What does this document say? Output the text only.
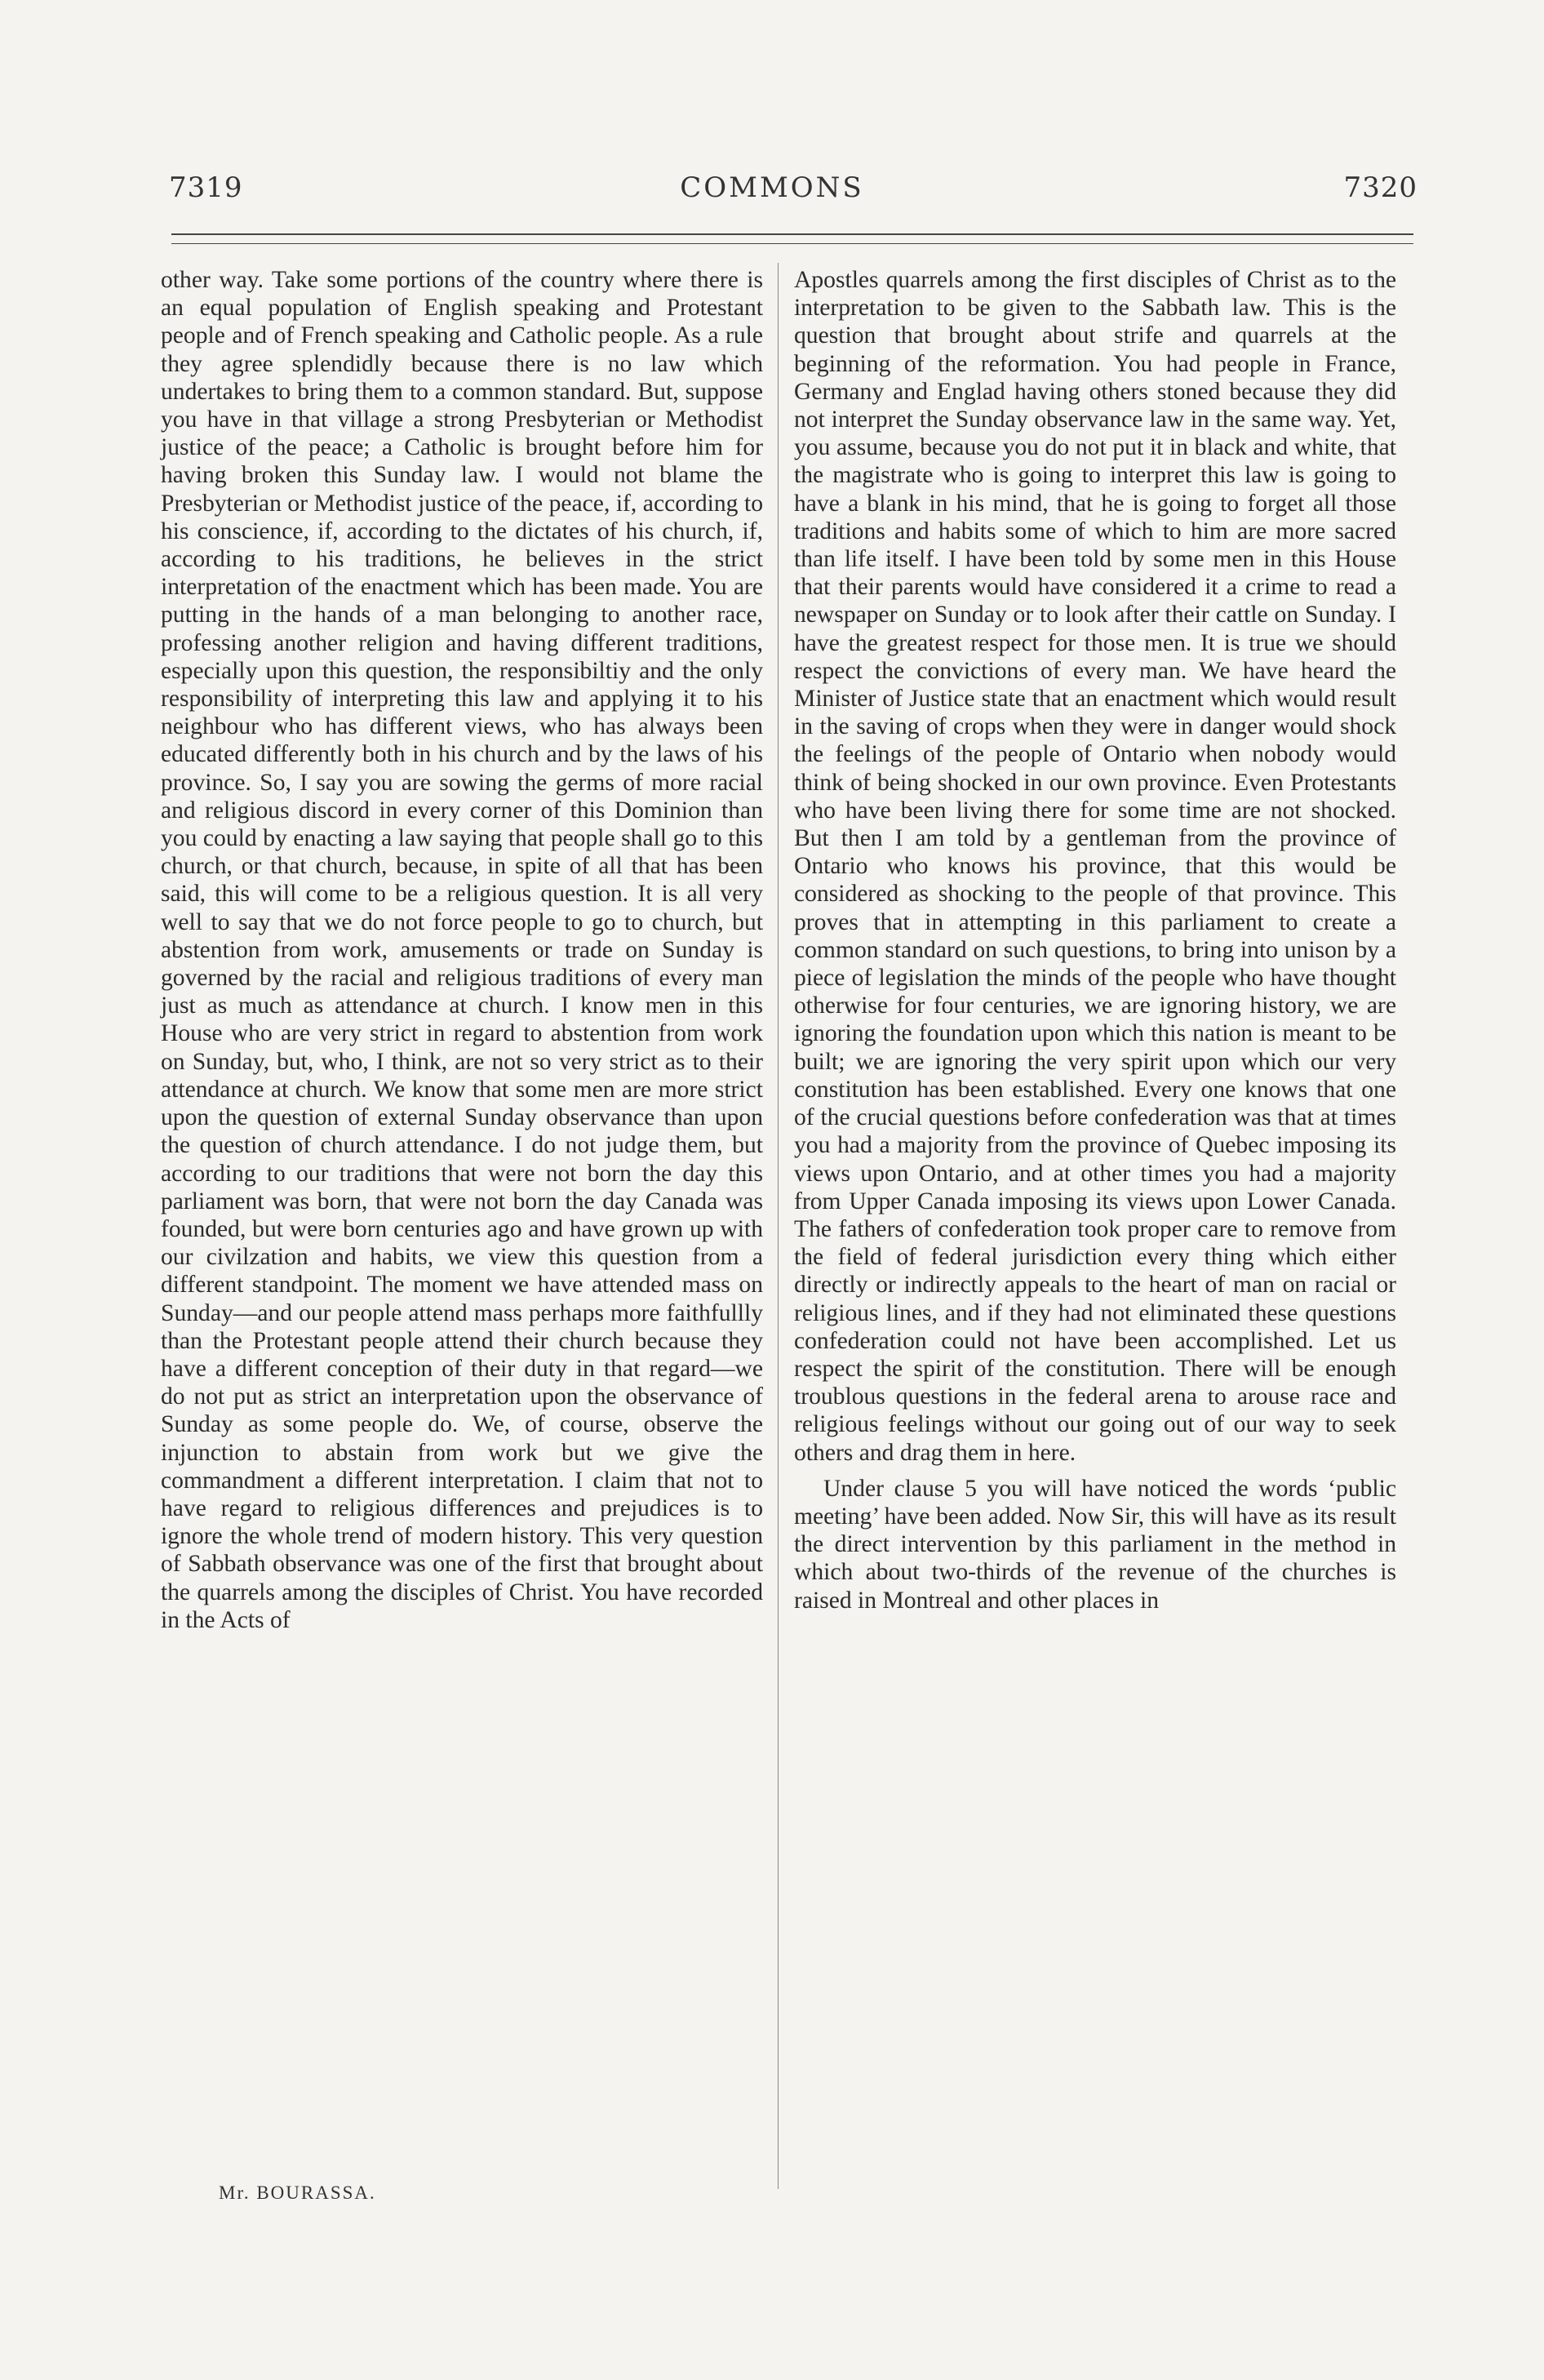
7319	COMMONS	7320

other way. Take some portions of the country where there is an equal population of English speaking and Protestant people and of French speaking and Catholic people. As a rule they agree splendidly because there is no law which undertakes to bring them to a common standard. But, suppose you have in that village a strong Presbyterian or Methodist justice of the peace; a Catholic is brought before him for having broken this Sunday law. I would not blame the Presbyterian or Methodist justice of the peace, if, according to his conscience, if, according to the dictates of his church, if, according to his traditions, he believes in the strict interpretation of the enactment which has been made. You are putting in the hands of a man belonging to another race, professing another religion and having different traditions, especially upon this question, the responsibiltiy and the only responsibility of interpreting this law and applying it to his neighbour who has different views, who has always been educated differently both in his church and by the laws of his province. So, I say you are sowing the germs of more racial and religious discord in every corner of this Dominion than you could by enacting a law saying that people shall go to this church, or that church, because, in spite of all that has been said, this will come to be a religious question. It is all very well to say that we do not force people to go to church, but abstention from work, amusements or trade on Sunday is governed by the racial and religious traditions of every man just as much as attendance at church. I know men in this House who are very strict in regard to abstention from work on Sunday, but, who, I think, are not so very strict as to their attendance at church. We know that some men are more strict upon the question of external Sunday observance than upon the question of church attendance. I do not judge them, but according to our traditions that were not born the day this parliament was born, that were not born the day Canada was founded, but were born centuries ago and have grown up with our civilzation and habits, we view this question from a different standpoint. The moment we have attended mass on Sunday—and our people attend mass perhaps more faithfullly than the Protestant people attend their church because they have a different conception of their duty in that regard—we do not put as strict an interpretation upon the observance of Sunday as some people do. We, of course, observe the injunction to abstain from work but we give the commandment a different interpretation. I claim that not to have regard to religious differences and prejudices is to ignore the whole trend of modern history. This very question of Sabbath observance was one of the first that brought about the quarrels among the disciples of Christ. You have recorded in the Acts of

Apostles quarrels among the first disciples of Christ as to the interpretation to be given to the Sabbath law. This is the question that brought about strife and quarrels at the beginning of the reformation. You had people in France, Germany and Englad having others stoned because they did not interpret the Sunday observance law in the same way. Yet, you assume, because you do not put it in black and white, that the magistrate who is going to interpret this law is going to have a blank in his mind, that he is going to forget all those traditions and habits some of which to him are more sacred than life itself. I have been told by some men in this House that their parents would have considered it a crime to read a newspaper on Sunday or to look after their cattle on Sunday. I have the greatest respect for those men. It is true we should respect the convictions of every man. We have heard the Minister of Justice state that an enactment which would result in the saving of crops when they were in danger would shock the feelings of the people of Ontario when nobody would think of being shocked in our own province. Even Protestants who have been living there for some time are not shocked. But then I am told by a gentleman from the province of Ontario who knows his province, that this would be considered as shocking to the people of that province. This proves that in attempting in this parliament to create a common standard on such questions, to bring into unison by a piece of legislation the minds of the people who have thought otherwise for four centuries, we are ignoring history, we are ignoring the foundation upon which this nation is meant to be built; we are ignoring the very spirit upon which our very constitution has been established. Every one knows that one of the crucial questions before confederation was that at times you had a majority from the province of Quebec imposing its views upon Ontario, and at other times you had a majority from Upper Canada imposing its views upon Lower Canada. The fathers of confederation took proper care to remove from the field of federal jurisdiction every thing which either directly or indirectly appeals to the heart of man on racial or religious lines, and if they had not eliminated these questions confederation could not have been accomplished. Let us respect the spirit of the constitution. There will be enough troublous questions in the federal arena to arouse race and religious feelings without our going out of our way to seek others and drag them in here.

Under clause 5 you will have noticed the words ‘public meeting’ have been added. Now Sir, this will have as its result the direct intervention by this parliament in the method in which about two-thirds of the revenue of the churches is raised in Montreal and other places in

Mr. BOURASSA.
